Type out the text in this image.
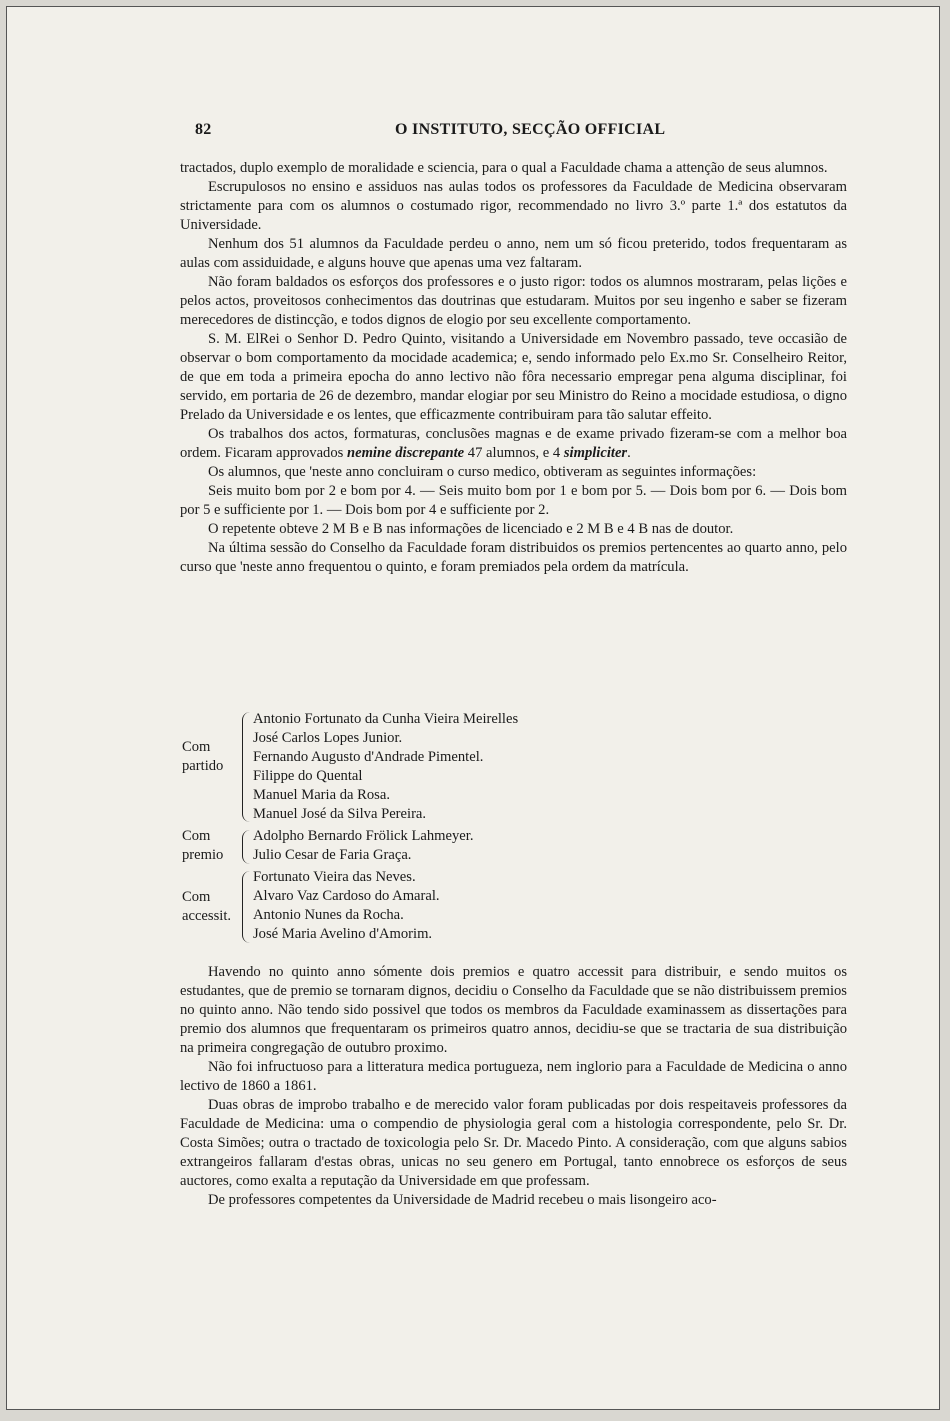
82	O INSTITUTO, SECÇÃO OFFICIAL

tractados, duplo exemplo de moralidade e sciencia, para o qual a Faculdade chama a attenção de seus alumnos.

Escrupulosos no ensino e assiduos nas aulas todos os professores da Faculdade de Medicina observaram strictamente para com os alumnos o costumado rigor, recommendado no livro 3.º parte 1.ª dos estatutos da Universidade.

Nenhum dos 51 alumnos da Faculdade perdeu o anno, nem um só ficou preterido, todos frequentaram as aulas com assiduidade, e alguns houve que apenas uma vez faltaram.

Não foram baldados os esforços dos professores e o justo rigor: todos os alumnos mostraram, pelas lições e pelos actos, proveitosos conhecimentos das doutrinas que estudaram. Muitos por seu ingenho e saber se fizeram merecedores de distincção, e todos dignos de elogio por seu excellente comportamento.

S. M. ElRei o Senhor D. Pedro Quinto, visitando a Universidade em Novembro passado, teve occasião de observar o bom comportamento da mocidade academica; e, sendo informado pelo Ex.mo Sr. Conselheiro Reitor, de que em toda a primeira epocha do anno lectivo não fôra necessario empregar pena alguma disciplinar, foi servido, em portaria de 26 de dezembro, mandar elogiar por seu Ministro do Reino a mocidade estudiosa, o digno Prelado da Universidade e os lentes, que efficazmente contribuiram para tão salutar effeito.

Os trabalhos dos actos, formaturas, conclusões magnas e de exame privado fizeram-se com a melhor boa ordem. Ficaram approvados nemine discrepante 47 alumnos, e 4 simpliciter.

Os alumnos, que 'neste anno concluiram o curso medico, obtiveram as seguintes informações:

Seis muito bom por 2 e bom por 4. — Seis muito bom por 1 e bom por 5. — Dois bom por 6. — Dois bom por 5 e sufficiente por 1. — Dois bom por 4 e sufficiente por 2.

O repetente obteve 2 M B e B nas informações de licenciado e 2 M B e 4 B nas de doutor.

Na última sessão do Conselho da Faculdade foram distribuidos os premios pertencentes ao quarto anno, pelo curso que 'neste anno frequentou o quinto, e foram premiados pela ordem da matrícula.

Com
partido
Antonio Fortunato da Cunha Vieira Meirelles
José Carlos Lopes Junior.
Fernando Augusto d'Andrade Pimentel.
Filippe do Quental
Manuel Maria da Rosa.
Manuel José da Silva Pereira.
Com
premio
Adolpho Bernardo Frölick Lahmeyer.
Julio Cesar de Faria Graça.
Com
accessit.
Fortunato Vieira das Neves.
Alvaro Vaz Cardoso do Amaral.
Antonio Nunes da Rocha.
José Maria Avelino d'Amorim.

Havendo no quinto anno sómente dois premios e quatro accessit para distribuir, e sendo muitos os estudantes, que de premio se tornaram dignos, decidiu o Conselho da Faculdade que se não distribuissem premios no quinto anno. Não tendo sido possivel que todos os membros da Faculdade examinassem as dissertações para premio dos alumnos que frequentaram os primeiros quatro annos, decidiu-se que se tractaria de sua distribuição na primeira congregação de outubro proximo.

Não foi infructuoso para a litteratura medica portugueza, nem inglorio para a Faculdade de Medicina o anno lectivo de 1860 a 1861.

Duas obras de improbo trabalho e de merecido valor foram publicadas por dois respeitaveis professores da Faculdade de Medicina: uma o compendio de physiologia geral com a histologia correspondente, pelo Sr. Dr. Costa Simões; outra o tractado de toxicologia pelo Sr. Dr. Macedo Pinto. A consideração, com que alguns sabios extrangeiros fallaram d'estas obras, unicas no seu genero em Portugal, tanto ennobrece os esforços de seus auctores, como exalta a reputação da Universidade em que professam.

De professores competentes da Universidade de Madrid recebeu o mais lisongeiro aco-
